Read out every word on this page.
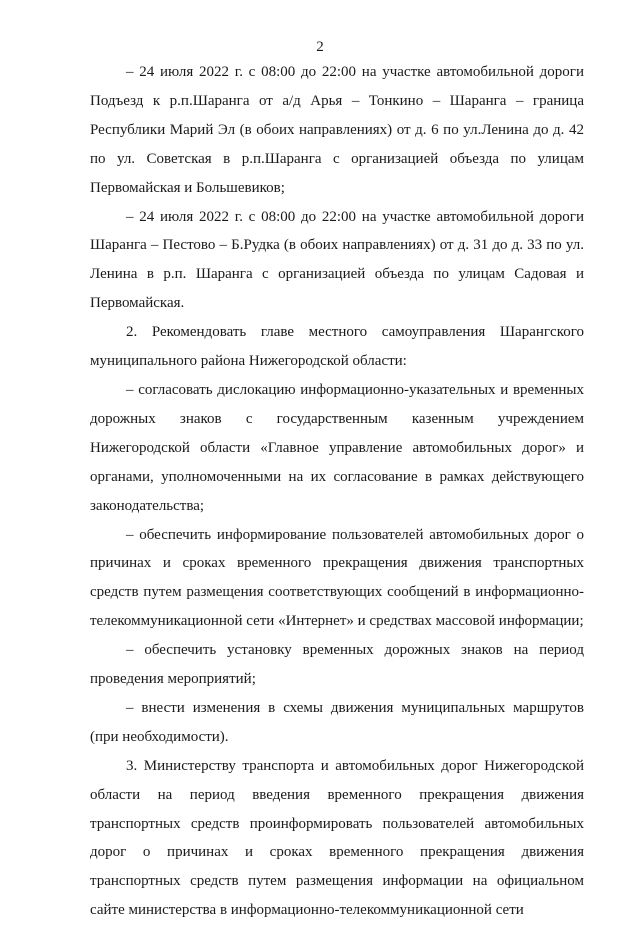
2

– 24 июля 2022 г. с 08:00 до 22:00 на участке автомобильной дороги Подъезд к р.п.Шаранга от а/д Арья – Тонкино – Шаранга – граница Республики Марий Эл (в обоих направлениях) от д. 6 по ул.Ленина до д. 42 по ул. Советская в р.п.Шаранга с организацией объезда по улицам Первомайская и Большевиков;

– 24 июля 2022 г. с 08:00 до 22:00 на участке автомобильной дороги Шаранга – Пестово – Б.Рудка (в обоих направлениях) от д. 31 до д. 33 по ул. Ленина в р.п. Шаранга с организацией объезда по улицам Садовая и Первомайская.

2. Рекомендовать главе местного самоуправления Шарангского муниципального района Нижегородской области:

– согласовать дислокацию информационно-указательных и временных дорожных знаков с государственным казенным учреждением Нижегородской области «Главное управление автомобильных дорог» и органами, уполномоченными на их согласование в рамках действующего законодательства;

– обеспечить информирование пользователей автомобильных дорог о причинах и сроках временного прекращения движения транспортных средств путем размещения соответствующих сообщений в информационно-телекоммуникационной сети «Интернет» и средствах массовой информации;

– обеспечить установку временных дорожных знаков на период проведения мероприятий;

– внести изменения в схемы движения муниципальных маршрутов (при необходимости).

3. Министерству транспорта и автомобильных дорог Нижегородской области на период введения временного прекращения движения транспортных средств проинформировать пользователей автомобильных дорог о причинах и сроках временного прекращения движения транспортных средств путем размещения информации на официальном сайте министерства в информационно-телекоммуникационной сети
